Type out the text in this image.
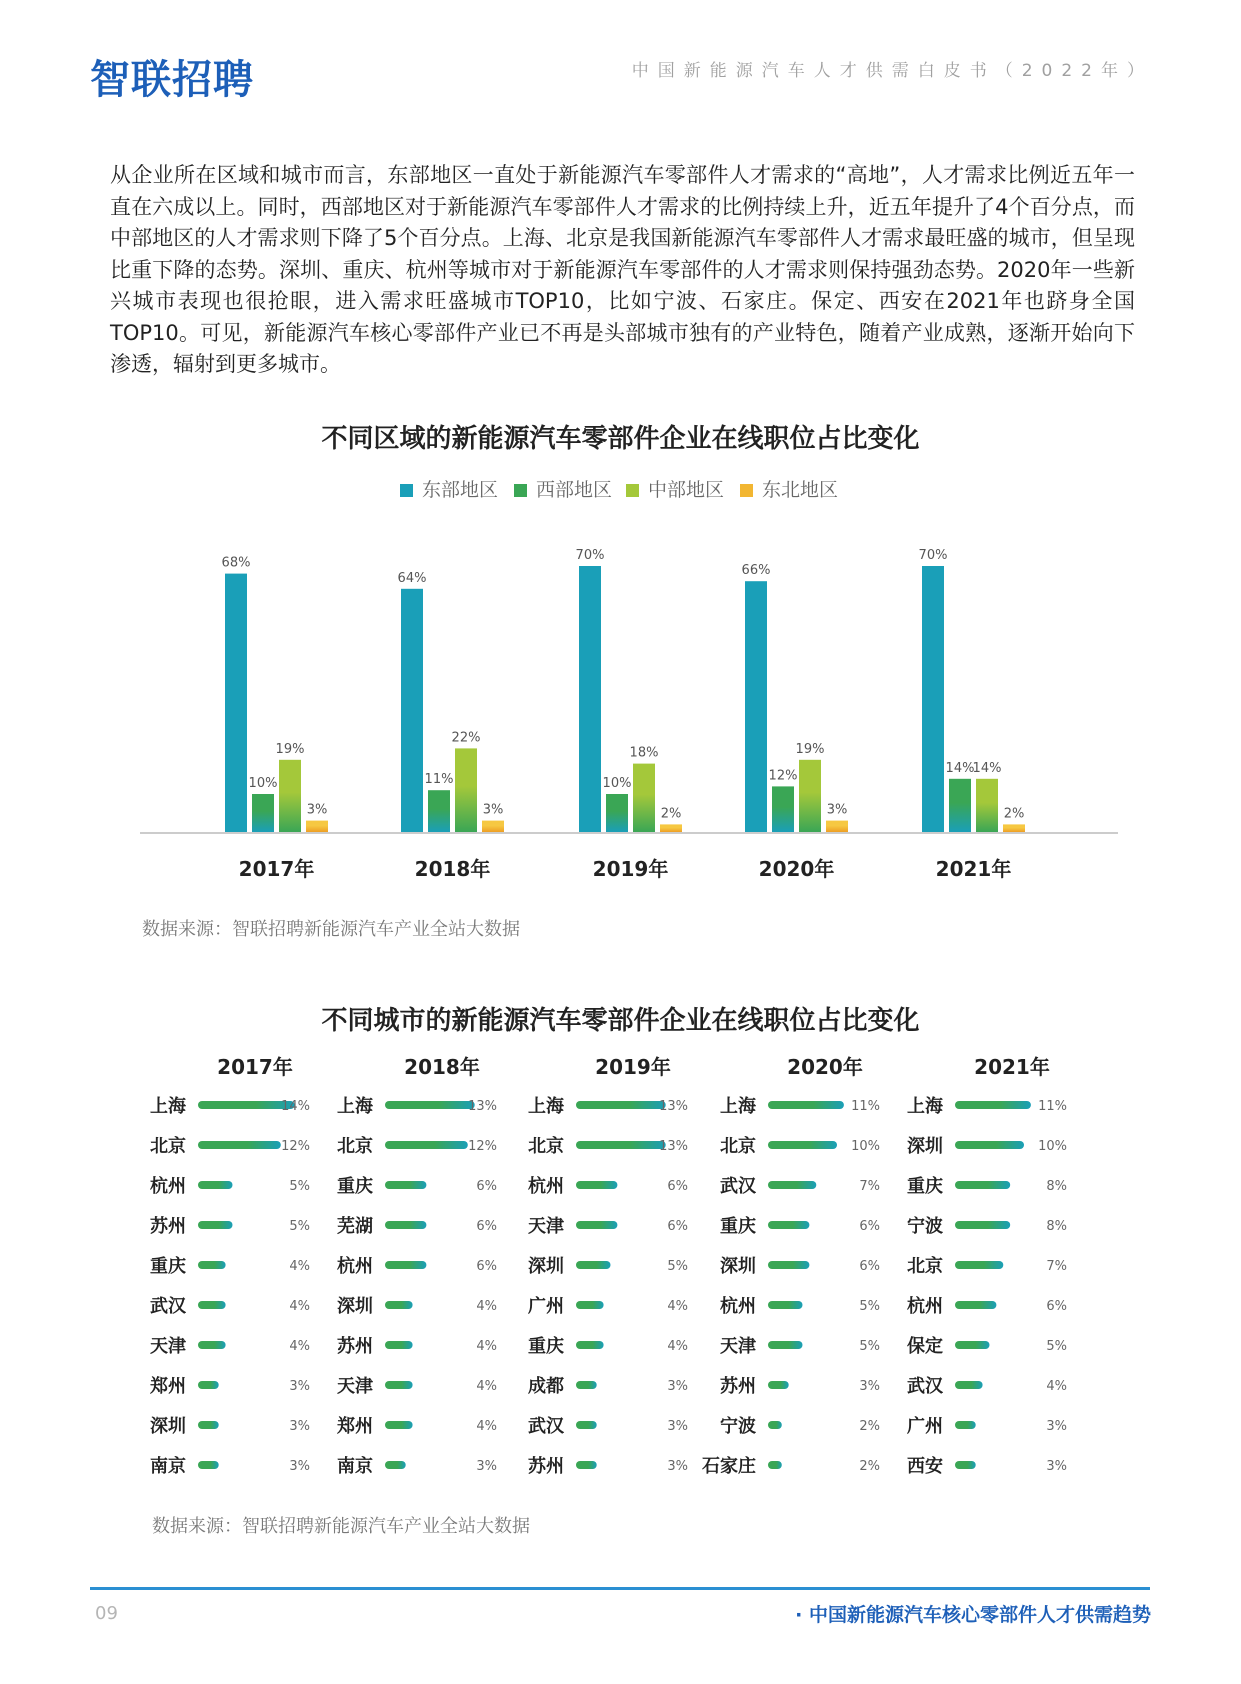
智联招聘	中国新能源汽车人才供需白皮书（2022年）
从企业所在区域和城市而言，东部地区一直处于新能源汽车零部件人才需求的“高地”，人才需求比例近五年一直在六成以上。同时，西部地区对于新能源汽车零部件人才需求的比例持续上升，近五年提升了4个百分点，而中部地区的人才需求则下降了5个百分点。上海、北京是我国新能源汽车零部件人才需求最旺盛的城市，但呈现比重下降的态势。深圳、重庆、杭州等城市对于新能源汽车零部件的人才需求则保持强劲态势。2020年一些新兴城市表现也很抢眼，进入需求旺盛城市TOP10，比如宁波、石家庄。保定、西安在2021年也跻身全国TOP10。可见，新能源汽车核心零部件产业已不再是头部城市独有的产业特色，随着产业成熟，逐渐开始向下渗透，辐射到更多城市。
不同区域的新能源汽车零部件企业在线职位占比变化
东部地区 西部地区 中部地区 东北地区
68%
10%
19%
3%
2017年
64%
11%
22%
3%
2018年
70%
10%
18%
2%
2019年
66%
12%
19%
3%
2020年
70%
14%
14%
2%
2021年
数据来源：智联招聘新能源汽车产业全站大数据
不同城市的新能源汽车零部件企业在线职位占比变化
2017年
上海	14%
北京	12%
杭州	5%
苏州	5%
重庆	4%
武汉	4%
天津	4%
郑州	3%
深圳	3%
南京	3%
2018年
上海	13%
北京	12%
重庆	6%
芜湖	6%
杭州	6%
深圳	4%
苏州	4%
天津	4%
郑州	4%
南京	3%
2019年
上海	13%
北京	13%
杭州	6%
天津	6%
深圳	5%
广州	4%
重庆	4%
成都	3%
武汉	3%
苏州	3%
2020年
上海	11%
北京	10%
武汉	7%
重庆	6%
深圳	6%
杭州	5%
天津	5%
苏州	3%
宁波	2%
石家庄	2%
2021年
上海	11%
深圳	10%
重庆	8%
宁波	8%
北京	7%
杭州	6%
保定	5%
武汉	4%
广州	3%
西安	3%
数据来源：智联招聘新能源汽车产业全站大数据
09	· 中国新能源汽车核心零部件人才供需趋势
